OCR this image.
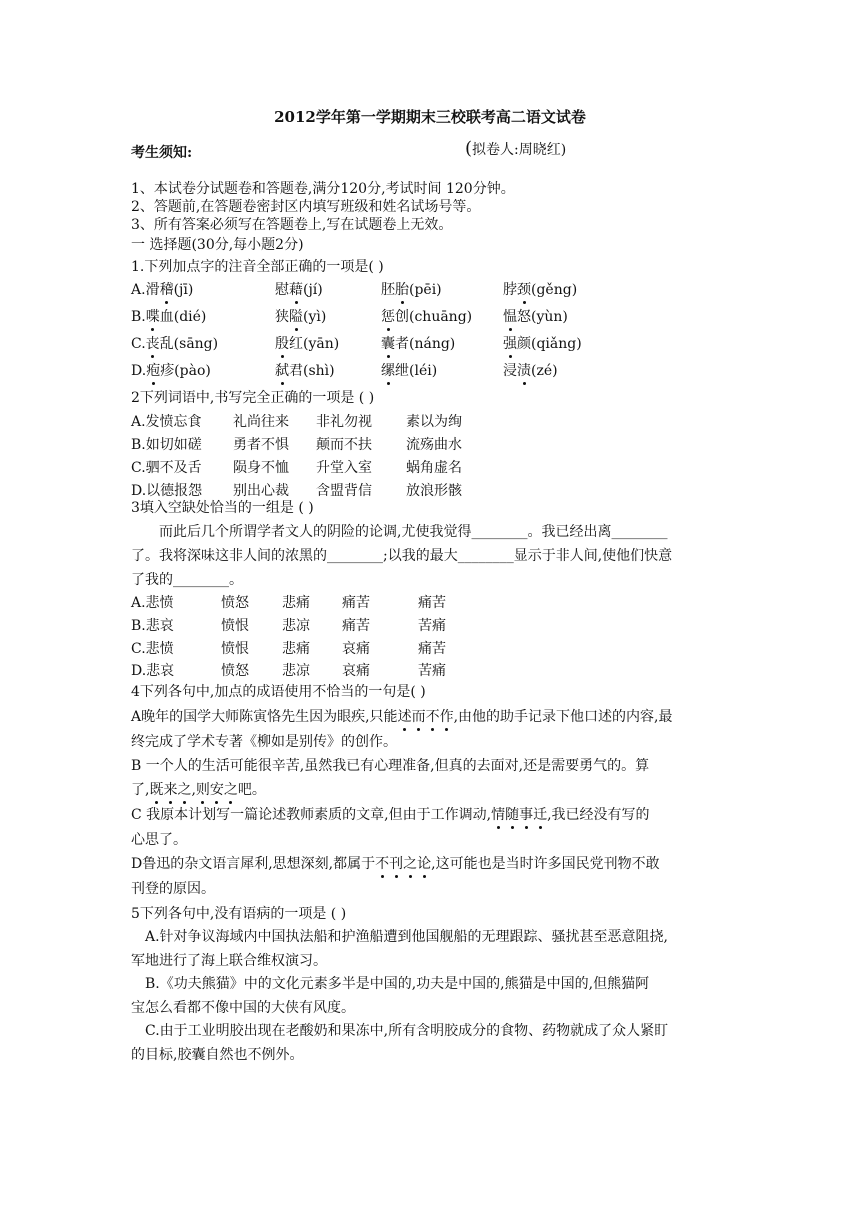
2012学年第一学期期末三校联考高二语文试卷
考生须知:	(拟卷人:周晓红)
1、本试卷分试题卷和答题卷,满分120分,考试时间 120分钟。
2、答题前,在答题卷密封区内填写班级和姓名试场号等。
3、所有答案必须写在答题卷上,写在试题卷上无效。
一 选择题(30分,每小题2分)
1.下列加点字的注音全部正确的一项是( )
A.滑稽(jī)	慰藉(jí)	胚胎(pēi)	脖颈(gěng)
B.喋血(dié)	狭隘(yì)	惩创(chuāng) 愠怒(yùn)
C.丧乱(sāng)	殷红(yān)	囊者(náng)	强颜(qiǎng)
D.疱疹(pào)	弑君(shì)	缧绁(léi)	浸渍(zé)
2下列词语中,书写完全正确的一项是 ( )
A.发愤忘食 礼尚往来 非礼勿视 素以为绚
B.如切如磋 勇者不惧 颠而不扶 流殇曲水
C.驷不及舌 陨身不恤 升堂入室 蜗角虚名
D.以德报怨 别出心裁 含盟背信 放浪形骸
3填入空缺处恰当的一组是 ( )
而此后几个所谓学者文人的阴险的论调,尤使我觉得________。我已经出离________
了。我将深味这非人间的浓黑的________;以我的最大________显示于非人间,使他们快意
了我的________。
A.悲愤	愤怒 悲痛 痛苦	痛苦
B.悲哀	愤恨 悲凉 痛苦	苦痛
C.悲愤	愤恨 悲痛 哀痛	痛苦
D.悲哀	愤怒 悲凉 哀痛	苦痛
4下列各句中,加点的成语使用不恰当的一句是( )
A晚年的国学大师陈寅恪先生因为眼疾,只能述而不作,由他的助手记录下他口述的内容,最
终完成了学术专著《柳如是别传》的创作。
B 一个人的生活可能很辛苦,虽然我已有心理准备,但真的去面对,还是需要勇气的。算
了,既来之,则安之吧。
C 我原本计划写一篇论述教师素质的文章,但由于工作调动,情随事迁,我已经没有写的
心思了。
D鲁迅的杂文语言犀利,思想深刻,都属于不刊之论,这可能也是当时许多国民党刊物不敢
刊登的原因。
5下列各句中,没有语病的一项是 ( )
A.针对争议海域内中国执法船和护渔船遭到他国舰船的无理跟踪、骚扰甚至恶意阻挠,
军地进行了海上联合维权演习。
B.《功夫熊猫》中的文化元素多半是中国的,功夫是中国的,熊猫是中国的,但熊猫阿
宝怎么看都不像中国的大侠有风度。
C.由于工业明胶出现在老酸奶和果冻中,所有含明胶成分的食物、药物就成了众人紧盯
的目标,胶囊自然也不例外。
